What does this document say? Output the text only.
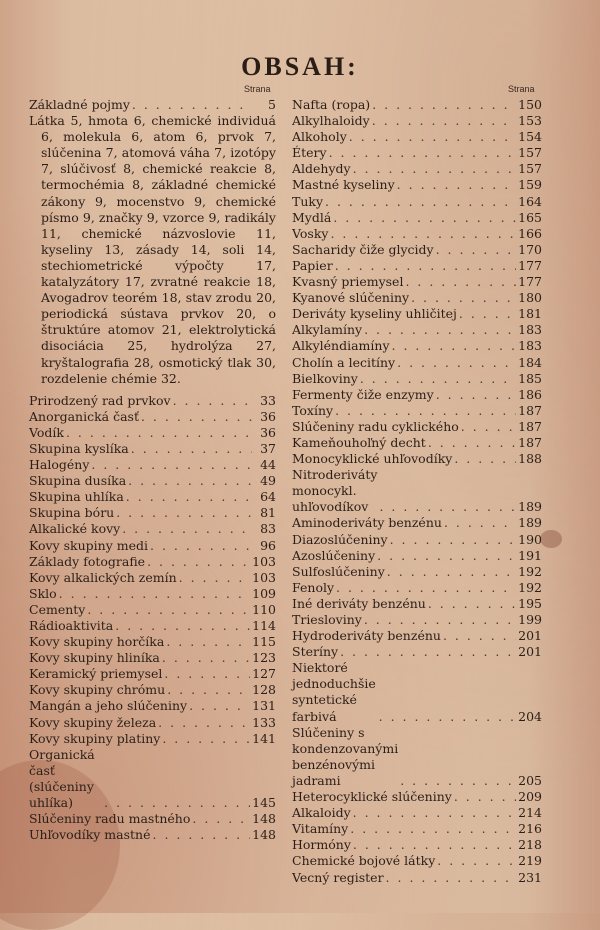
OBSAH:
Strana	Strana
Základné pojmy . . .	5

Látka 5, hmota 6, chemické individuá 6, molekula 6, atom 6, prvok 7, slúčenina 7, atomová váha 7, izotópy 7, slúčivosť 8, chemické reakcie 8, termochémia 8, základné chemické zákony 9, mocenstvo 9, chemické písmo 9, značky 9, vzorce 9, radikály 11, chemické názvoslovie 11, kyseliny 13, zásady 14, soli 14, stechiometrické výpočty 17, katalyzátory 17, zvratné reakcie 18, Avogadrov teorém 18, stav zrodu 20, periodická sústava prvkov 20, o štruktúre atomov 21, elektrolytická disociácia 25, hydrolýza 27, kryštalografia 28, osmotický tlak 30, rozdelenie chémie 32.

Prirodzený rad prvkov . . .	33
Anorganická časť . . .	36
Vodík . . .	36
Skupina kyslíka . . .	37
Halogény . . .	44
Skupina dusíka . . .	49
Skupina uhlíka . . .	64
Skupina bóru . . .	81
Alkalické kovy . . .	83
Kovy skupiny medi . . .	96
Základy fotografie . . .	103
Kovy alkalických zemín . . .	103
Sklo . . .	109
Cementy . . .	110
Rádioaktivita . . .	114
Kovy skupiny horčíka . . .	115
Kovy skupiny hliníka . . .	123
Keramický priemysel . . .	127
Kovy skupiny chrómu . . .	128
Mangán a jeho slúčeniny . . .	131
Kovy skupiny železa . . .	133
Kovy skupiny platiny . . .	141
Organická časť (slúčeniny uhlíka) . . .	145
Slúčeniny radu mastného . . .	148
Uhľovodíky mastné . . .	148
Nafta (ropa) . . .	150
Alkylhaloidy . . .	153
Alkoholy . . .	154
Étery . . .	157
Aldehydy . . .	157
Mastné kyseliny . . .	159
Tuky . . .	164
Mydlá . . .	165
Vosky . . .	166
Sacharidy čiže glycidy . . .	170
Papier . . .	177
Kvasný priemysel . . .	177
Kyanové slúčeniny . . .	180
Deriváty kyseliny uhličitej . . .	181
Alkylamíny . . .	183
Alkyléndiamíny . . .	183
Cholín a lecitíny . . .	184
Bielkoviny . . .	185
Fermenty čiže enzymy . . .	186
Toxíny . . .	187
Slúčeniny radu cyklického . . .	187
Kameňouhoľný decht . . .	187
Monocyklické uhľovodíky . . .	188
Nitroderiváty monocykl. uhľovodíkov . . .	189
Aminoderiváty benzénu . . .	189
Diazoslúčeniny . . .	190
Azoslúčeniny . . .	191
Sulfoslúčeniny . . .	192
Fenoly . . .	192
Iné deriváty benzénu . . .	195
Triesloviny . . .	199
Hydroderiváty benzénu . . .	201
Steríny . . .	201
Niektoré jednoduchšie syntetické farbivá . . .	204
Slúčeniny s kondenzovanými benzénovými jadrami . . .	205
Heterocyklické slúčeniny . . .	209
Alkaloidy . . .	214
Vitamíny . . .	216
Hormóny . . .	218
Chemické bojové látky . . .	219
Vecný register . . .	231
